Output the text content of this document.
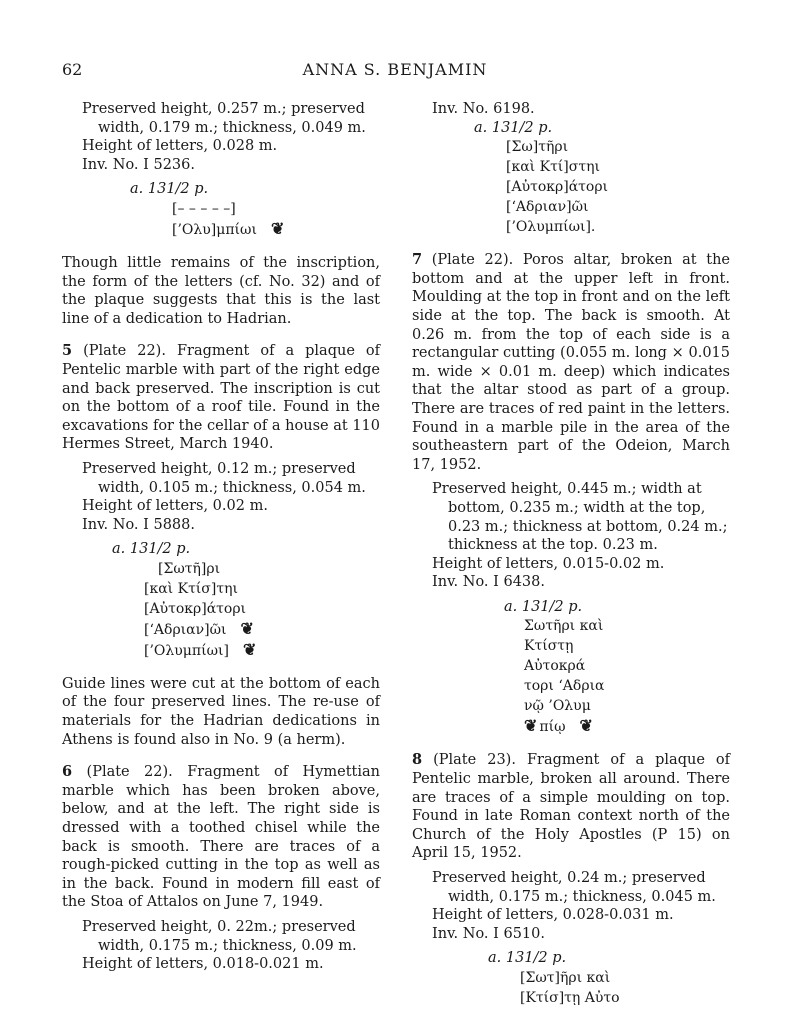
62	ANNA S. BENJAMIN

Preserved height, 0.257 m.; preserved width, 0.179 m.; thickness, 0.049 m.

Height of letters, 0.028 m.

Inv. No. I 5236.

a. 131/2 p.
[– – – – –]
[’Ολυ]μπίωι ❦

Though little remains of the inscription, the form of the letters (cf. No. 32) and of the plaque suggests that this is the last line of a dedication to Hadrian.

5 (Plate 22). Fragment of a plaque of Pentelic marble with part of the right edge and back preserved. The inscription is cut on the bottom of a roof tile. Found in the excavations for the cellar of a house at 110 Hermes Street, March 1940.

Preserved height, 0.12 m.; preserved width, 0.105 m.; thickness, 0.054 m.

Height of letters, 0.02 m.

Inv. No. I 5888.

a. 131/2 p.
[Σωτῆ]ρι
[καὶ Κτίσ]τηι
[Αὐτοκρ]άτορι
[‘Αδριαν]ῶι ❦
[’Ολυμπίωι] ❦

Guide lines were cut at the bottom of each of the four preserved lines. The re-use of materials for the Hadrian dedications in Athens is found also in No. 9 (a herm).

6 (Plate 22). Fragment of Hymettian marble which has been broken above, below, and at the left. The right side is dressed with a toothed chisel while the back is smooth. There are traces of a rough-picked cutting in the top as well as in the back. Found in modern fill east of the Stoa of Attalos on June 7, 1949.

Preserved height, 0. 22m.; preserved width, 0.175 m.; thickness, 0.09 m.

Height of letters, 0.018-0.021 m.

Inv. No. 6198.

a. 131/2 p.
[Σω]τῆρι
[καὶ Κτί]στηι
[Αὐτοκρ]άτορι
[‘Αδριαν]ῶι
[’Ολυμπίωι].

7 (Plate 22). Poros altar, broken at the bottom and at the upper left in front. Moulding at the top in front and on the left side at the top. The back is smooth. At 0.26 m. from the top of each side is a rectangular cutting (0.055 m. long × 0.015 m. wide × 0.01 m. deep) which indicates that the altar stood as part of a group. There are traces of red paint in the letters. Found in a marble pile in the area of the southeastern part of the Odeion, March 17, 1952.

Preserved height, 0.445 m.; width at bottom, 0.235 m.; width at the top, 0.23 m.; thickness at bottom, 0.24 m.; thickness at the top. 0.23 m.

Height of letters, 0.015-0.02 m.

Inv. No. I 6438.

a. 131/2 p.
Σωτῆρι καὶ
Κτίστῃ
Αὐτοκρά
τορι ‘Αδρια
νῷ ’Ολυμ
❦ πίῳ ❦

8 (Plate 23). Fragment of a plaque of Pentelic marble, broken all around. There are traces of a simple moulding on top. Found in late Roman context north of the Church of the Holy Apostles (P 15) on April 15, 1952.

Preserved height, 0.24 m.; preserved width, 0.175 m.; thickness, 0.045 m.

Height of letters, 0.028-0.031 m.

Inv. No. I 6510.

a. 131/2 p.
[Σωτ]ῆρι καὶ
[Κτίσ]τῃ Αὐτο
